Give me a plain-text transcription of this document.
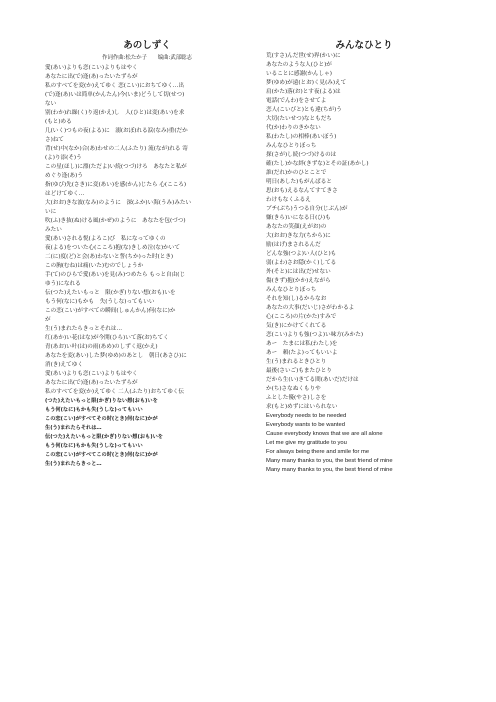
あのしずく
作词作曲:松たか子　　编曲:武部聡志
愛(あい)よりも恋(こい)よりもはやく
あなたに出(で)逢(あ)ったいたずらが
私のすべてを変(か)えてゆく 恋(こい)におちてゆく…出
(で)逢(あ)いは简单(かんたん)今(いま)どうして切(せつ)
ない
别(わか)れ繰(く)り返(かえ)し　人(ひと)は変(あい)を求
(もと)める
几(いく)つもの夜(よる)に　溺(おぼ)れる涙(なみ)重(だか
さ)ねて
背(せ)中(なか)合(あ)わせの二人(ふたり) 流(なが)れる 寄
(よ)り添(そ)う
この星(ほし)に漂(ただよ)い続(つづ)けろ　あなたと私が
めぐり逢(あ)う
指(ゆび)先(さき)に変(あい)を感(かん)じたら 心(こころ)
はどけてゆく…
大(おお)きな波(なみ)のように　深(ふか)い海(うみ)みたい
いに
吹(ふ)き抜(ぬ)ける風(かぜ)のように　あなたを包(づつ)
みたい
愛(あい)される悦(よろこ)び　私になってゆくの
夜(よる)をついた心(こころ)抱(な)きしめ泣(な)かいて
二(に)度(ど)と会(あ)わないと誓(ちか)った时(とき)
この胸(むね)は痛(いた)むのでしょうか
手(て)のひらで愛(あい)を見(み)つめたら もっと自由(じ
ゆう)になれる
伝(つた)えたいもっと　限(かぎ)りない想(おも)いを
もう何(なに)もかも　失(うしな)ってもいい
この恋(こい)がすべての瞬间(しゅんかん)何(なに)か
が
生(う)まれたらきっとそれは…
红(あか)い花(はな)が今開(ひら)いて落(お)ちてく
青(あお)い叶(は)の雨(あめ)のしずく返(かえ)
あなたを変(あい)した梦(ゆめ)のあとし　朝日(あさひ)に
消(き)えてゆく
愛(あい)よりも恋(こい)よりもはやく
あなたに出(で)逢(あ)ったいたずらが
私のすべてを変(か)えてゆく 二人(ふたり)おちてゆく伝
(つた)えたいもっと限(かぎ)りない想(おも)いを
もう何(なに)もかも失(うしな)ってもいい
この恋(こい)がすべてその时(とき)何(なに)かが
生(う)まれたらそれは…
伝(つた)えたいもっと限(かぎ)りない想(おも)いを
もう何(なに)もかも失(うしな)ってもいい
この恋(こい)がすべてこの时(とき)何(なに)かが
生(う)まれたらきっと…
みんなひとり
荒(すさ)んだ世(せ)界(かい)に
あなたのような人(ひと)が
いることに感謝(かんしゃ)
梦(ゆめ)が遠(とお)く見(み)えて
肩(かた)落(お)とす夜(よる)は
電話(でんわ)をさせてよ
恋人(こいびと)とも違(ちが)う
大切(たいせつ)なともだち
代(か)わりのきかない
私(わたし)の相棒(あいぼう)
みんなひとりぼっち
探(さが)し続(つづ)けるのは
確(たし)かな絆(きずな)とその証(あかし)
誰(だれ)かのひとことで
明日(あした)もがんばると
思(おも)えるなんてすてきさ
わけもなくふるえ
ブチ(ぶち)うつる自分(じぶん)が
嫌(きら)いになる日(ひ)も
あなたの笑顔(えがお)の
大(おお)きな力(ちから)に
励(はげ)まされるんだ
どんな強(つよ)い人(ひと)も
弱(よわ)さお隠(かく)してる
外(そと)には出(だ)せない
傷(きず)抱(かか)えながら
みんなひとりぼっち
それを知(し)るからなお
あなたの大事(だいじ)さがわかるよ
心(こころ)の片(かた)すみで
気(き)にかけてくれてる
恋(こい)よりも強(つよ)い味方(みかた)
あー　たまには私(わたし)を
あー　頼(たよ)ってもいいよ
生(う)まれるときひとり
最後(さいご)もまたひとり
だから生(い)きてる間(あいだ)だけは
か(ち)さなぬくもりや
ふとした優(やさ)しさを
求(もと)めずにはいられない
Everybody needs to be needed
Everybody wants to be wanted
Cause everybody knows that we are all alone
Let me give my gratitude to you
For always being there and smile for me
Many many thanks to you, the best friend of mine
Many many thanks to you, the best friend of mine
